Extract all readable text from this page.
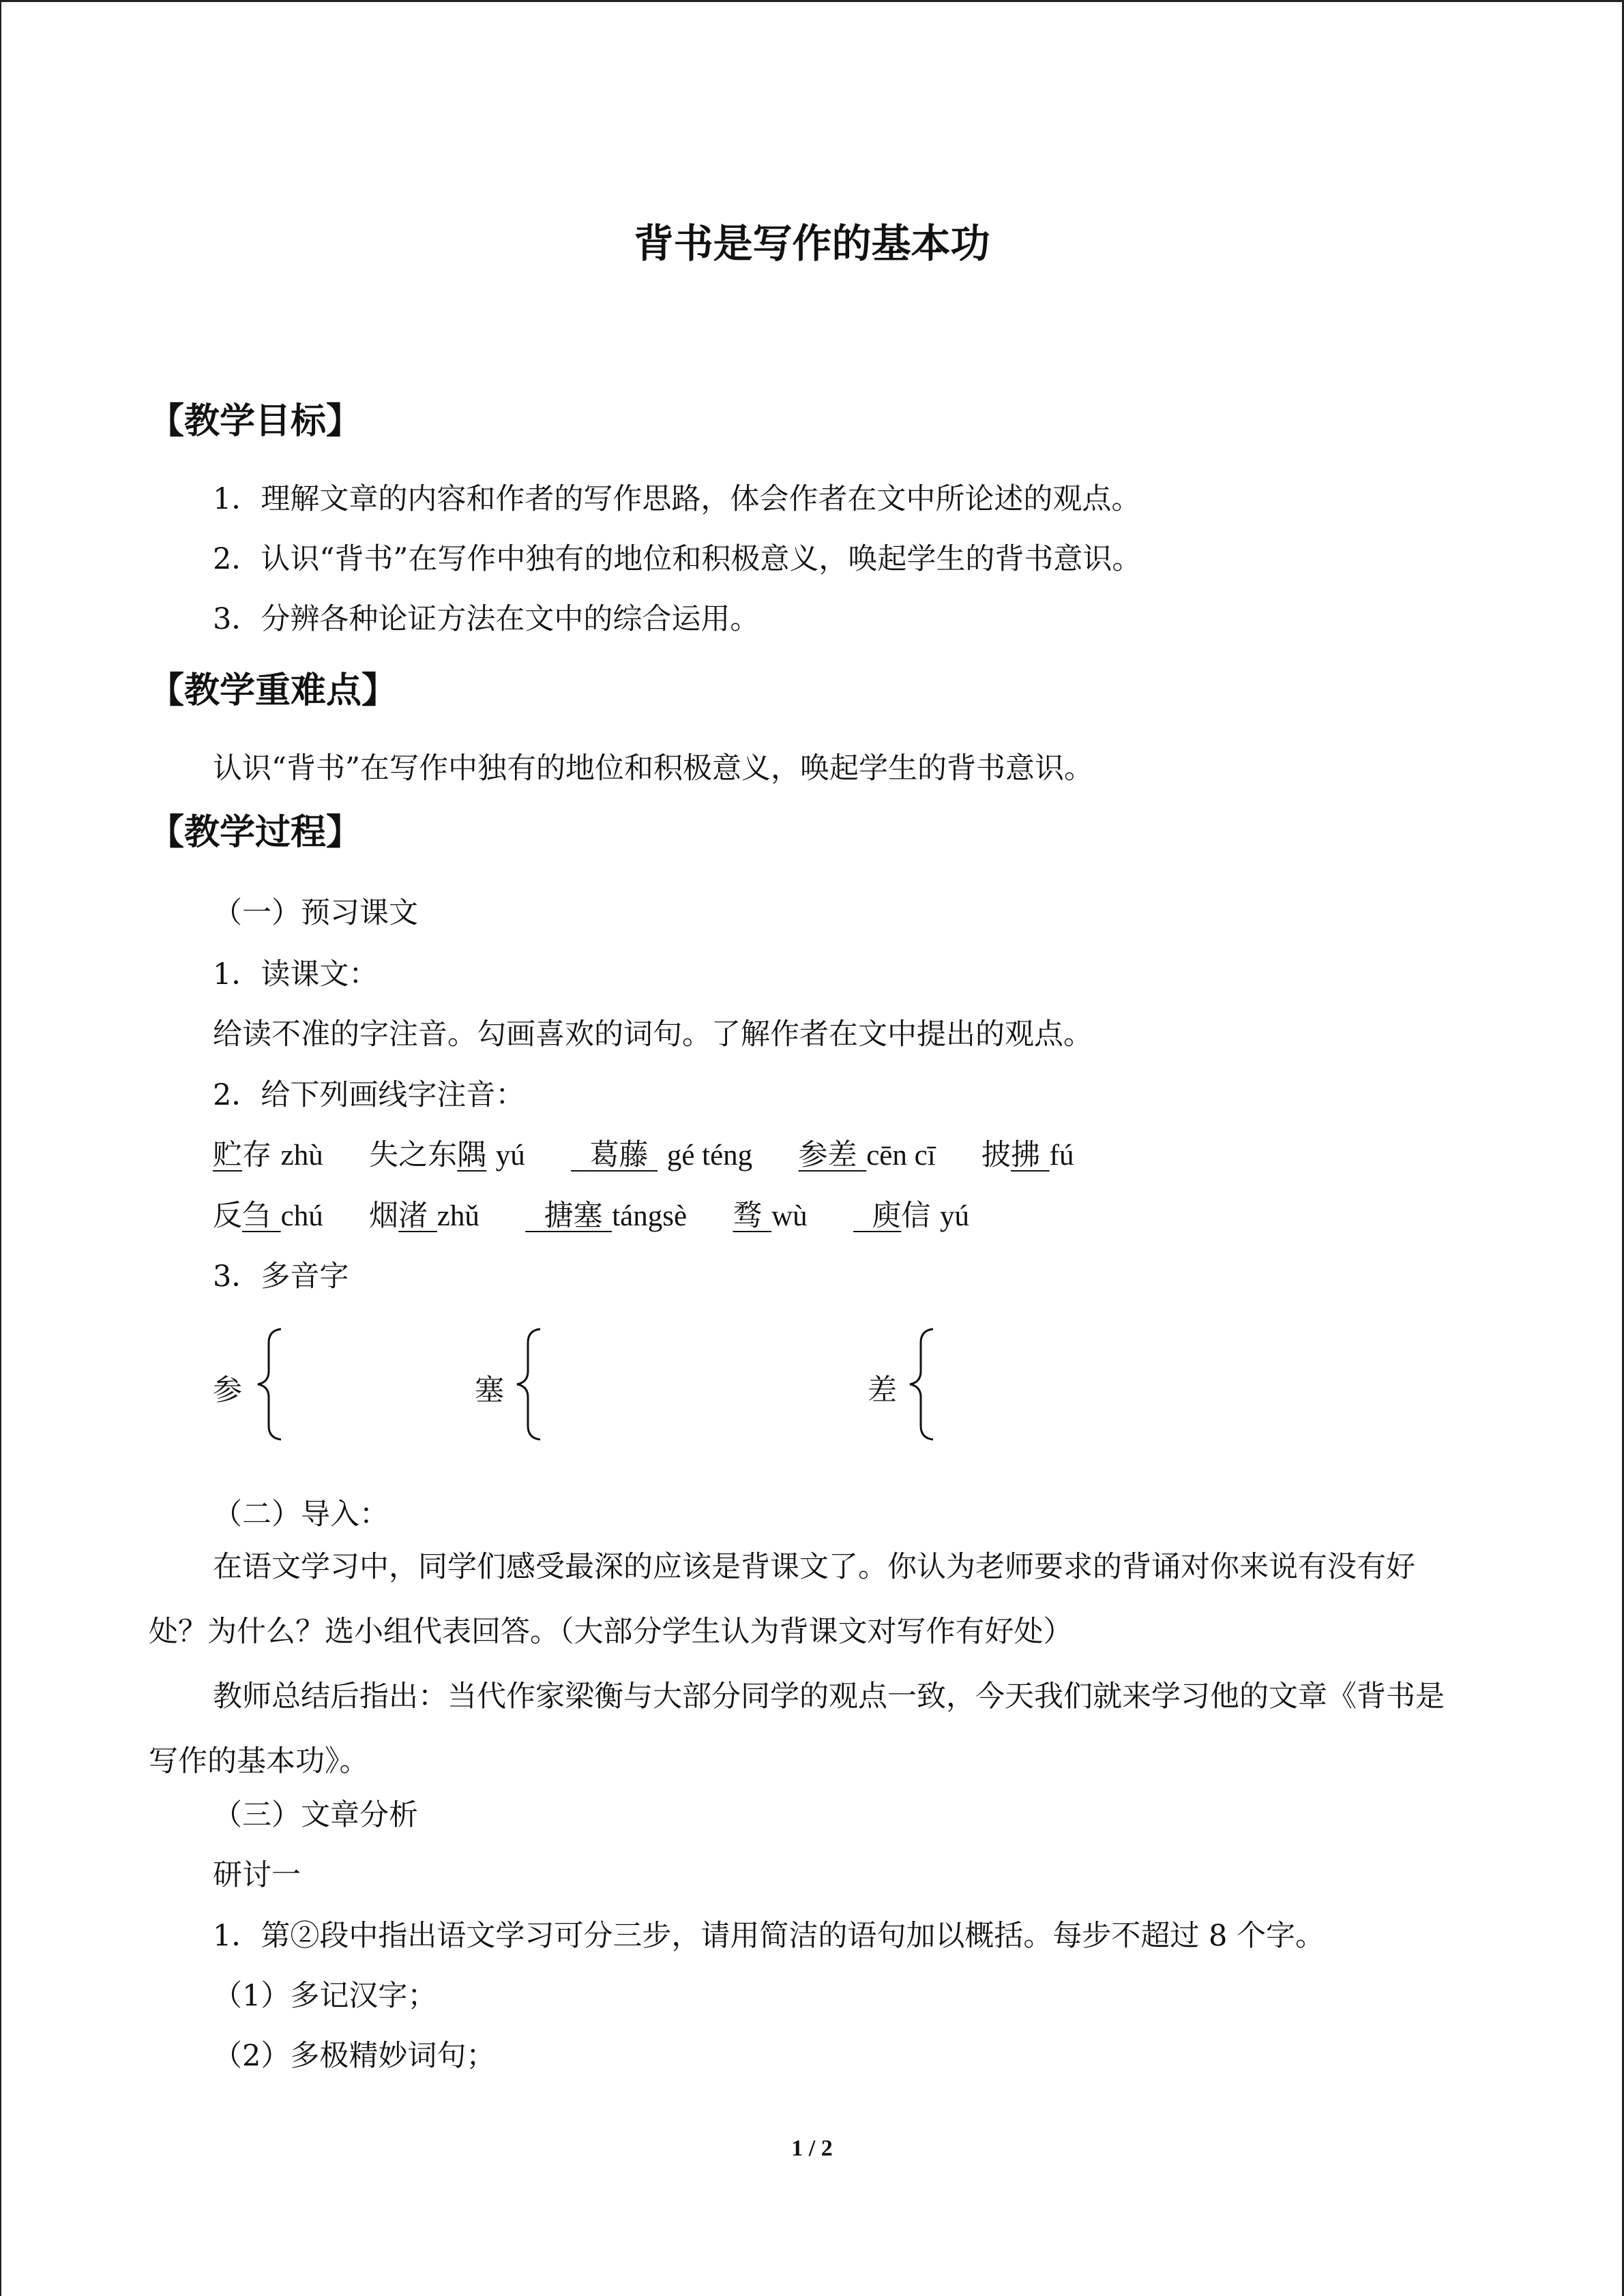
背书是写作的基本功
【教学目标】
1．理解文章的内容和作者的写作思路，体会作者在文中所论述的观点。
2．认识“背书”在写作中独有的地位和积极意义，唤起学生的背书意识。
3．分辨各种论证方法在文中的综合运用。
【教学重难点】
认识“背书”在写作中独有的地位和积极意义，唤起学生的背书意识。
【教学过程】
（一）预习课文
1．读课文：
给读不准的字注音。勾画喜欢的词句。了解作者在文中提出的观点。
2．给下列画线字注音：
贮存 zhù 失之东隅 yú 葛藤 gé téng 参差 cēn cī 披拂 fú
反刍 chú 烟渚 zhǔ 搪塞 tángsè 骛 wù 庾信 yú
3．多音字
参	塞	差
（二）导入：
在语文学习中，同学们感受最深的应该是背课文了。你认为老师要求的背诵对你来说有没有好处？为什么？选小组代表回答。（大部分学生认为背课文对写作有好处）
教师总结后指出：当代作家梁衡与大部分同学的观点一致，今天我们就来学习他的文章《背书是写作的基本功》。
（三）文章分析
研讨一
1．第②段中指出语文学习可分三步，请用简洁的语句加以概括。每步不超过 8 个字。
（1）多记汉字；
（2）多极精妙词句；
1 / 2
